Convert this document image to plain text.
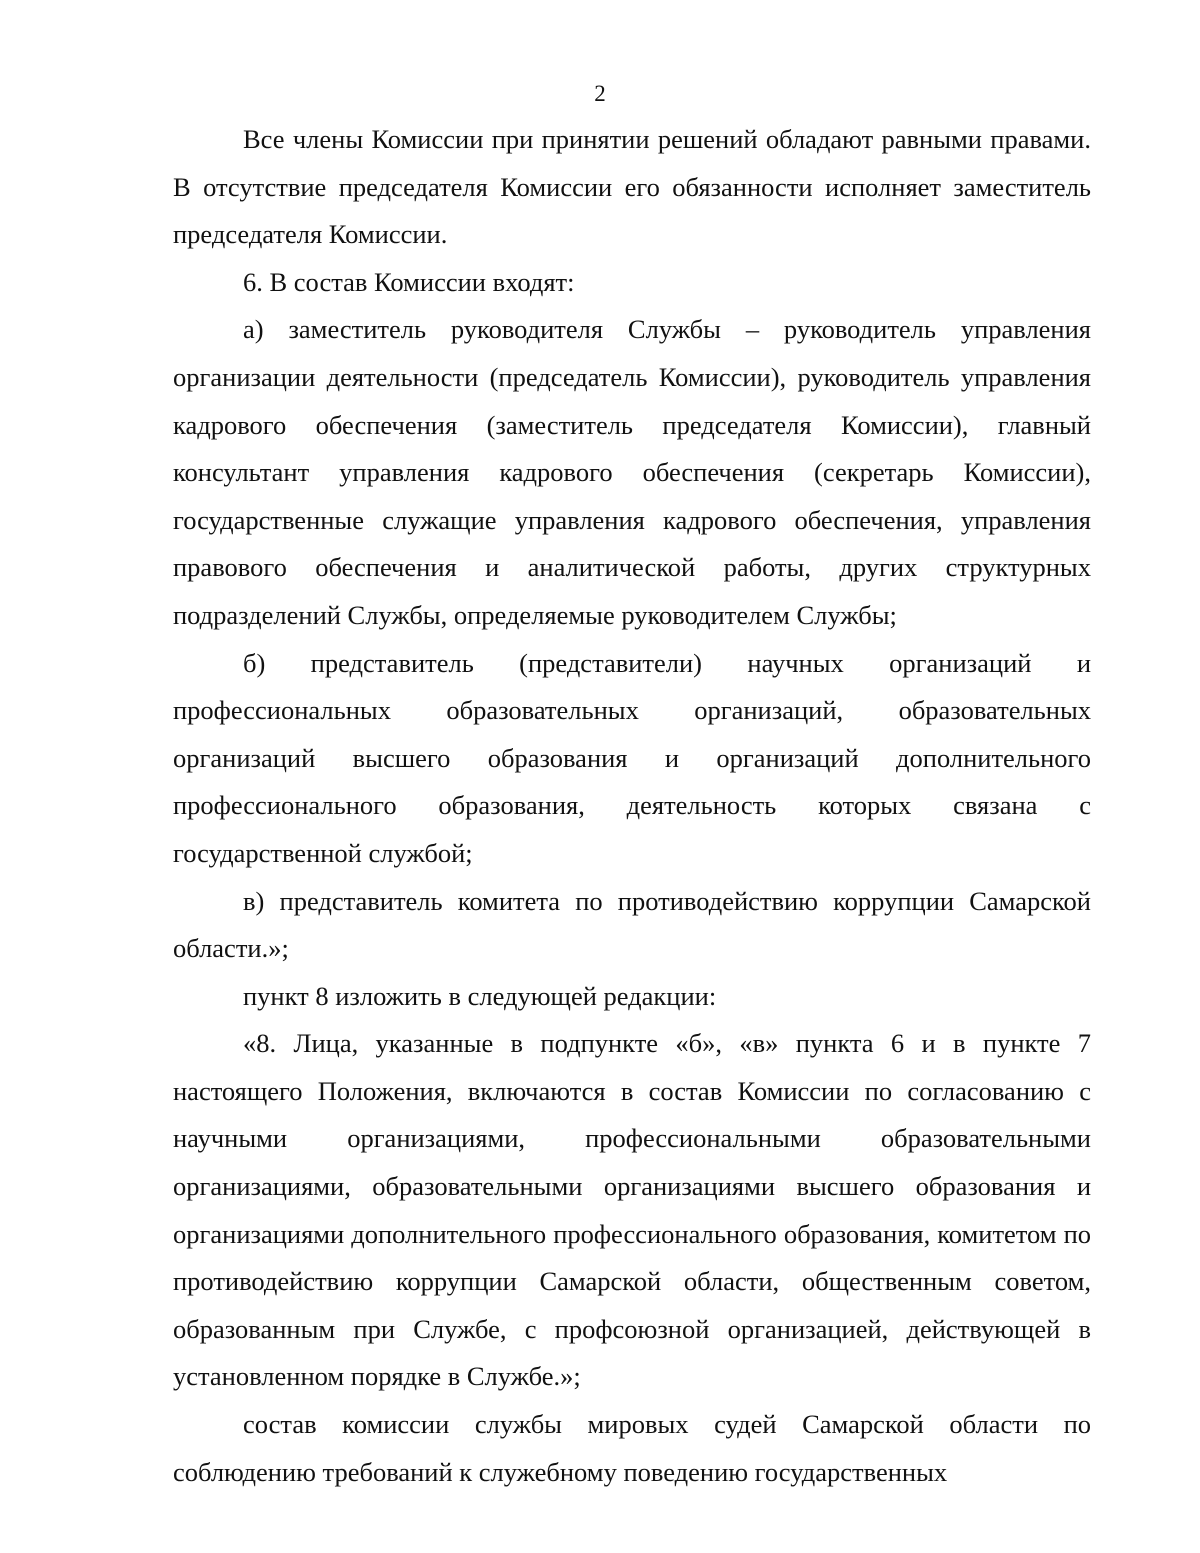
2

Все члены Комиссии при принятии решений обладают равными правами. В отсутствие председателя Комиссии его обязанности исполняет заместитель председателя Комиссии.

6. В состав Комиссии входят:

а) заместитель руководителя Службы – руководитель управления организации деятельности (председатель Комиссии), руководитель управления кадрового обеспечения (заместитель председателя Комиссии), главный консультант управления кадрового обеспечения (секретарь Комиссии), государственные служащие управления кадрового обеспечения, управления правового обеспечения и аналитической работы, других структурных подразделений Службы, определяемые руководителем Службы;

б) представитель (представители) научных организаций и профессиональных образовательных организаций, образовательных организаций высшего образования и организаций дополнительного профессионального образования, деятельность которых связана с государственной службой;

в) представитель комитета по противодействию коррупции Самарской области.»;

пункт 8 изложить в следующей редакции:

«8. Лица, указанные в подпункте «б», «в» пункта 6 и в пункте 7 настоящего Положения, включаются в состав Комиссии по согласованию с научными организациями, профессиональными образовательными организациями, образовательными организациями высшего образования и организациями дополнительного профессионального образования, комитетом по противодействию коррупции Самарской области, общественным советом, образованным при Службе, с профсоюзной организацией, действующей в установленном порядке в Службе.»;

состав комиссии службы мировых судей Самарской области по соблюдению требований к служебному поведению государственных
